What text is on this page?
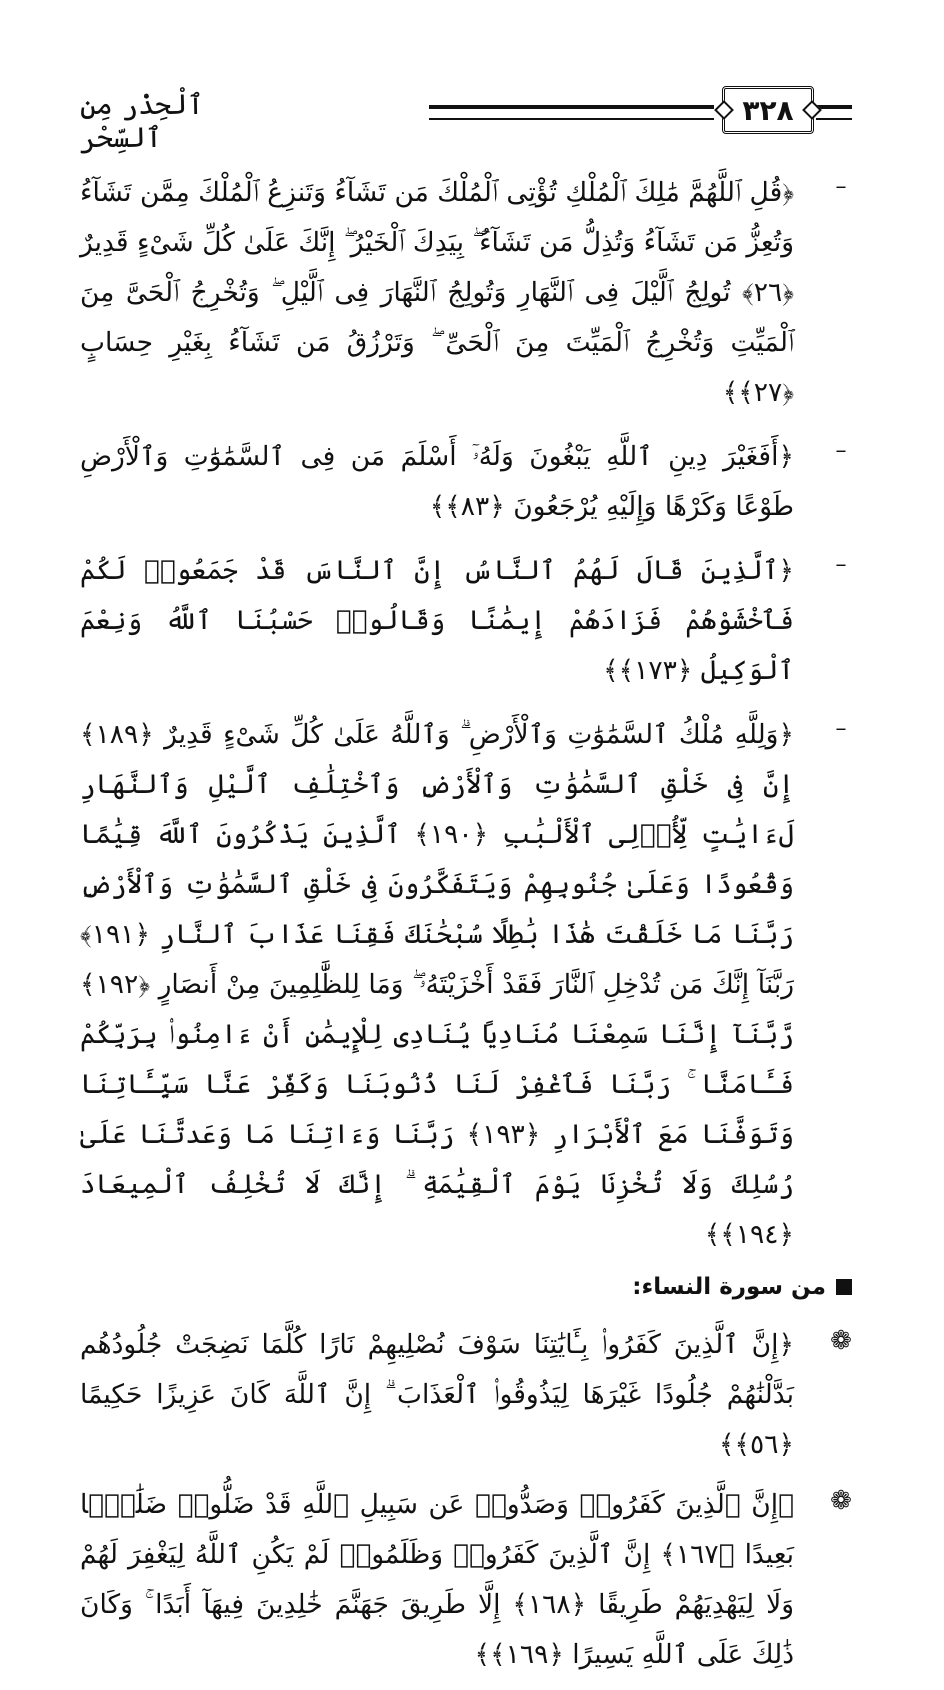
٣٢٨
ٱلْحِذْر مِن ٱلسِّحْر
–

﴿قُلِ ٱللَّهُمَّ مَٰلِكَ ٱلْمُلْكِ تُؤْتِى ٱلْمُلْكَ مَن تَشَآءُ وَتَنزِعُ ٱلْمُلْكَ مِمَّن تَشَآءُ وَتُعِزُّ مَن تَشَآءُ وَتُذِلُّ مَن تَشَآءُ ۖ بِيَدِكَ ٱلْخَيْرُ ۖ إِنَّكَ عَلَىٰ كُلِّ شَىْءٍ قَدِيرٌ ﴿٢٦﴾ تُولِجُ ٱلَّيْلَ فِى ٱلنَّهَارِ وَتُولِجُ ٱلنَّهَارَ فِى ٱلَّيْلِ ۖ وَتُخْرِجُ ٱلْحَىَّ مِنَ ٱلْمَيِّتِ وَتُخْرِجُ ٱلْمَيِّتَ مِنَ ٱلْحَىِّ ۖ وَتَرْزُقُ مَن تَشَآءُ بِغَيْرِ حِسَابٍ ﴿٢٧﴾﴾

–

﴿أَفَغَيْرَ دِينِ ٱللَّهِ يَبْغُونَ وَلَهُۥٓ أَسْلَمَ مَن فِى ٱلسَّمَٰوَٰتِ وَٱلْأَرْضِ طَوْعًا وَكَرْهًا وَإِلَيْهِ يُرْجَعُونَ ﴿٨٣﴾﴾

–

﴿ٱلَّذِينَ قَالَ لَهُمُ ٱلنَّاسُ إِنَّ ٱلنَّاسَ قَدْ جَمَعُوا۟ لَكُمْ فَٱخْشَوْهُمْ فَزَادَهُمْ إِيمَٰنًا وَقَالُوا۟ حَسْبُنَا ٱللَّهُ وَنِعْمَ ٱلْوَكِيلُ ﴿١٧٣﴾﴾

–

﴿وَلِلَّهِ مُلْكُ ٱلسَّمَٰوَٰتِ وَٱلْأَرْضِ ۗ وَٱللَّهُ عَلَىٰ كُلِّ شَىْءٍ قَدِيرٌ ﴿١٨٩﴾ إِنَّ فِى خَلْقِ ٱلسَّمَٰوَٰتِ وَٱلْأَرْضِ وَٱخْتِلَٰفِ ٱلَّيْلِ وَٱلنَّهَارِ لَءَايَٰتٍ لِّأُو۟لِى ٱلْأَلْبَٰبِ ﴿١٩٠﴾ ٱلَّذِينَ يَذْكُرُونَ ٱللَّهَ قِيَٰمًا وَقُعُودًا وَعَلَىٰ جُنُوبِهِمْ وَيَتَفَكَّرُونَ فِى خَلْقِ ٱلسَّمَٰوَٰتِ وَٱلْأَرْضِ رَبَّنَا مَا خَلَقْتَ هَٰذَا بَٰطِلًا سُبْحَٰنَكَ فَقِنَا عَذَابَ ٱلنَّارِ ﴿١٩١﴾ رَبَّنَآ إِنَّكَ مَن تُدْخِلِ ٱلنَّارَ فَقَدْ أَخْزَيْتَهُۥ ۖ وَمَا لِلظَّٰلِمِينَ مِنْ أَنصَارٍ ﴿١٩٢﴾ رَّبَّنَآ إِنَّنَا سَمِعْنَا مُنَادِيًا يُنَادِى لِلْإِيمَٰنِ أَنْ ءَامِنُوا۟ بِرَبِّكُمْ فَـَٔامَنَّا ۚ رَبَّنَا فَٱغْفِرْ لَنَا ذُنُوبَنَا وَكَفِّرْ عَنَّا سَيِّـَٔاتِنَا وَتَوَفَّنَا مَعَ ٱلْأَبْرَارِ ﴿١٩٣﴾ رَبَّنَا وَءَاتِنَا مَا وَعَدتَّنَا عَلَىٰ رُسُلِكَ وَلَا تُخْزِنَا يَوْمَ ٱلْقِيَٰمَةِ ۗ إِنَّكَ لَا تُخْلِفُ ٱلْمِيعَادَ ﴿١٩٤﴾﴾

من سورة النساء:
❁

﴿إِنَّ ٱلَّذِينَ كَفَرُوا۟ بِـَٔايَٰتِنَا سَوْفَ نُصْلِيهِمْ نَارًا كُلَّمَا نَضِجَتْ جُلُودُهُم بَدَّلْنَٰهُمْ جُلُودًا غَيْرَهَا لِيَذُوقُوا۟ ٱلْعَذَابَ ۗ إِنَّ ٱللَّهَ كَانَ عَزِيزًا حَكِيمًا ﴿٥٦﴾﴾

❁

﴿إِنَّ ٱلَّذِينَ كَفَرُوا۟ وَصَدُّوا۟ عَن سَبِيلِ ٱللَّهِ قَدْ ضَلُّوا۟ ضَلَٰلًۢا بَعِيدًا ﴿١٦٧﴾ إِنَّ ٱلَّذِينَ كَفَرُوا۟ وَظَلَمُوا۟ لَمْ يَكُنِ ٱللَّهُ لِيَغْفِرَ لَهُمْ وَلَا لِيَهْدِيَهُمْ طَرِيقًا ﴿١٦٨﴾ إِلَّا طَرِيقَ جَهَنَّمَ خَٰلِدِينَ فِيهَآ أَبَدًا ۚ وَكَانَ ذَٰلِكَ عَلَى ٱللَّهِ يَسِيرًا ﴿١٦٩﴾﴾
